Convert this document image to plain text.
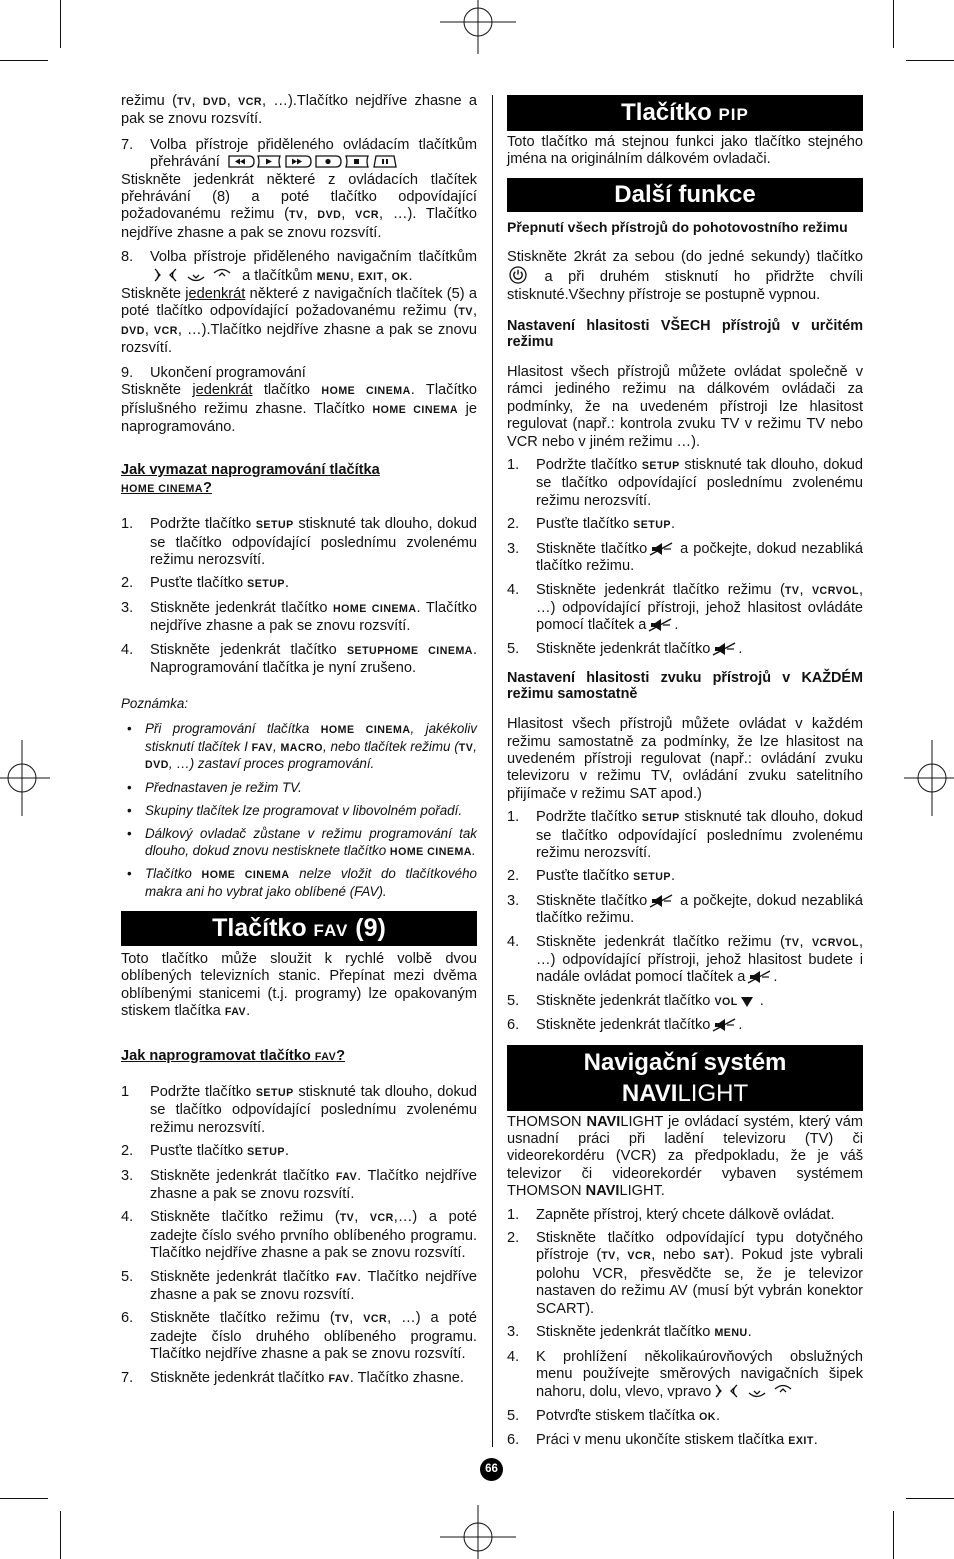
režimu (TV, DVD, VCR, …).Tlačítko nejdříve zhasne a pak se znovu rozsvítí.

7. Volba přístroje přiděleného ovládacím tlačítkům přehrávání

Stiskněte jedenkrát některé z ovládacích tlačítek přehrávání (8) a poté tlačítko odpovídající požadovanému režimu (TV, DVD, VCR, …). Tlačítko nejdříve zhasne a pak se znovu rozsvítí.

8. Volba přístroje přiděleného navigačním tlačítkům  a tlačítkům MENU, EXIT, OK.

Stiskněte jedenkrát některé z navigačních tlačítek (5) a poté tlačítko odpovídající požadovanému režimu (TV, DVD, VCR, …).Tlačítko nejdříve zhasne a pak se znovu rozsvítí.

9. Ukončení programování

Stiskněte jedenkrát tlačítko HOME CINEMA. Tlačítko příslušného režimu zhasne. Tlačítko HOME CINEMA je naprogramováno.

Jak vymazat naprogramování tlačítka
HOME CINEMA?

1. Podržte tlačítko SETUP stisknuté tak dlouho, dokud se tlačítko odpovídající poslednímu zvolenému režimu nerozsvítí.
2. Pusťte tlačítko SETUP.
3. Stiskněte jedenkrát tlačítko HOME CINEMA. Tlačítko nejdříve zhasne a pak se znovu rozsvítí.
4. Stiskněte jedenkrát tlačítko SETUPHOME CINEMA. Naprogramování tlačítka je nyní zrušeno.

Poznámka:

• Při programování tlačítka HOME CINEMA, jakékoliv stisknutí tlačítek I FAV, MACRO, nebo tlačítek režimu (TV, DVD, …) zastaví proces programování.
• Přednastaven je režim TV.
• Skupiny tlačítek lze programovat v libovolném pořadí.
• Dálkový ovladač zůstane v režimu programování tak dlouho, dokud znovu nestisknete tlačítko HOME CINEMA.
• Tlačítko HOME CINEMA nelze vložit do tlačítkového makra ani ho vybrat jako oblíbené (FAV).
Tlačítko FAV (9)

Toto tlačítko může sloužit k rychlé volbě dvou oblíbených televizních stanic. Přepínat mezi dvěma oblíbenými stanicemi (t.j. programy) lze opakovaným stiskem tlačítka FAV.

Jak naprogramovat tlačítko FAV?

1 Podržte tlačítko SETUP stisknuté tak dlouho, dokud se tlačítko odpovídající poslednímu zvolenému režimu nerozsvítí.
2. Pusťte tlačítko SETUP.
3. Stiskněte jedenkrát tlačítko FAV. Tlačítko nejdříve zhasne a pak se znovu rozsvítí.
4. Stiskněte tlačítko režimu (TV, VCR,…) a poté zadejte číslo svého prvního oblíbeného programu. Tlačítko nejdříve zhasne a pak se znovu rozsvítí.
5. Stiskněte jedenkrát tlačítko FAV. Tlačítko nejdříve zhasne a pak se znovu rozsvítí.
6. Stiskněte tlačítko režimu (TV, VCR, …) a poté zadejte číslo druhého oblíbeného programu. Tlačítko nejdříve zhasne a pak se znovu rozsvítí.
7. Stiskněte jedenkrát tlačítko FAV. Tlačítko zhasne.
Tlačítko PIP

Toto tlačítko má stejnou funkci jako tlačítko stejného jména na originálním dálkovém ovladači.

Další funkce

Přepnutí všech přístrojů do pohotovostního režimu

Stiskněte 2krát za sebou (do jedné sekundy) tlačítko  a při druhém stisknutí ho přidržte chvíli stisknuté.Všechny přístroje se postupně vypnou.

Nastavení hlasitosti VŠECH přístrojů v určitém režimu

Hlasitost všech přístrojů můžete ovládat společně v rámci jediného režimu na dálkovém ovládači za podmínky, že na uvedeném přístroji lze hlasitost regulovat (např.: kontrola zvuku TV v režimu TV nebo VCR nebo v jiném režimu …).

1. Podržte tlačítko SETUP stisknuté tak dlouho, dokud se tlačítko odpovídající poslednímu zvolenému režimu nerozsvítí.
2. Pusťte tlačítko SETUP.
3. Stiskněte tlačítko a počkejte, dokud nezabliká tlačítko režimu.
4. Stiskněte jedenkrát tlačítko režimu (TV, VCRVOL, …) odpovídající přístroji, jehož hlasitost ovládáte pomocí tlačítek a .
5. Stiskněte jedenkrát tlačítko .

Nastavení hlasitosti zvuku přístrojů v KAŽDÉM režimu samostatně

Hlasitost všech přístrojů můžete ovládat v každém režimu samostatně za podmínky, že lze hlasitost na uvedeném přístroji regulovat (např.: ovládání zvuku televizoru v režimu TV, ovládání zvuku satelitního přijímače v režimu SAT apod.)

1. Podržte tlačítko SETUP stisknuté tak dlouho, dokud se tlačítko odpovídající poslednímu zvolenému režimu nerozsvítí.
2. Pusťte tlačítko SETUP.
3. Stiskněte tlačítko a počkejte, dokud nezabliká tlačítko režimu.
4. Stiskněte jedenkrát tlačítko režimu (TV, VCRVOL, …) odpovídající přístroji, jehož hlasitost budete i nadále ovládat pomocí tlačítek a .
5. Stiskněte jedenkrát tlačítko VOL .
6. Stiskněte jedenkrát tlačítko .
Navigační systém
NAVILIGHT

THOMSON NAVILIGHT je ovládací systém, který vám usnadní práci při ladění televizoru (TV) či videorekordéru (VCR) za předpokladu, že je váš televizor či videorekordér vybaven systémem THOMSON NAVILIGHT.

1. Zapněte přístroj, který chcete dálkově ovládat.
2. Stiskněte tlačítko odpovídající typu dotyčného přístroje (TV, VCR, nebo SAT). Pokud jste vybrali polohu VCR, přesvědčte se, že je televizor nastaven do režimu AV (musí být vybrán konektor SCART).
3. Stiskněte jedenkrát tlačítko MENU.
4. K prohlížení několikaúrovňových obslužných menu používejte směrových navigačních šipek nahoru, dolu, vlevo, vpravo
5. Potvrďte stiskem tlačítka OK.
6. Práci v menu ukončíte stiskem tlačítka EXIT.
66
